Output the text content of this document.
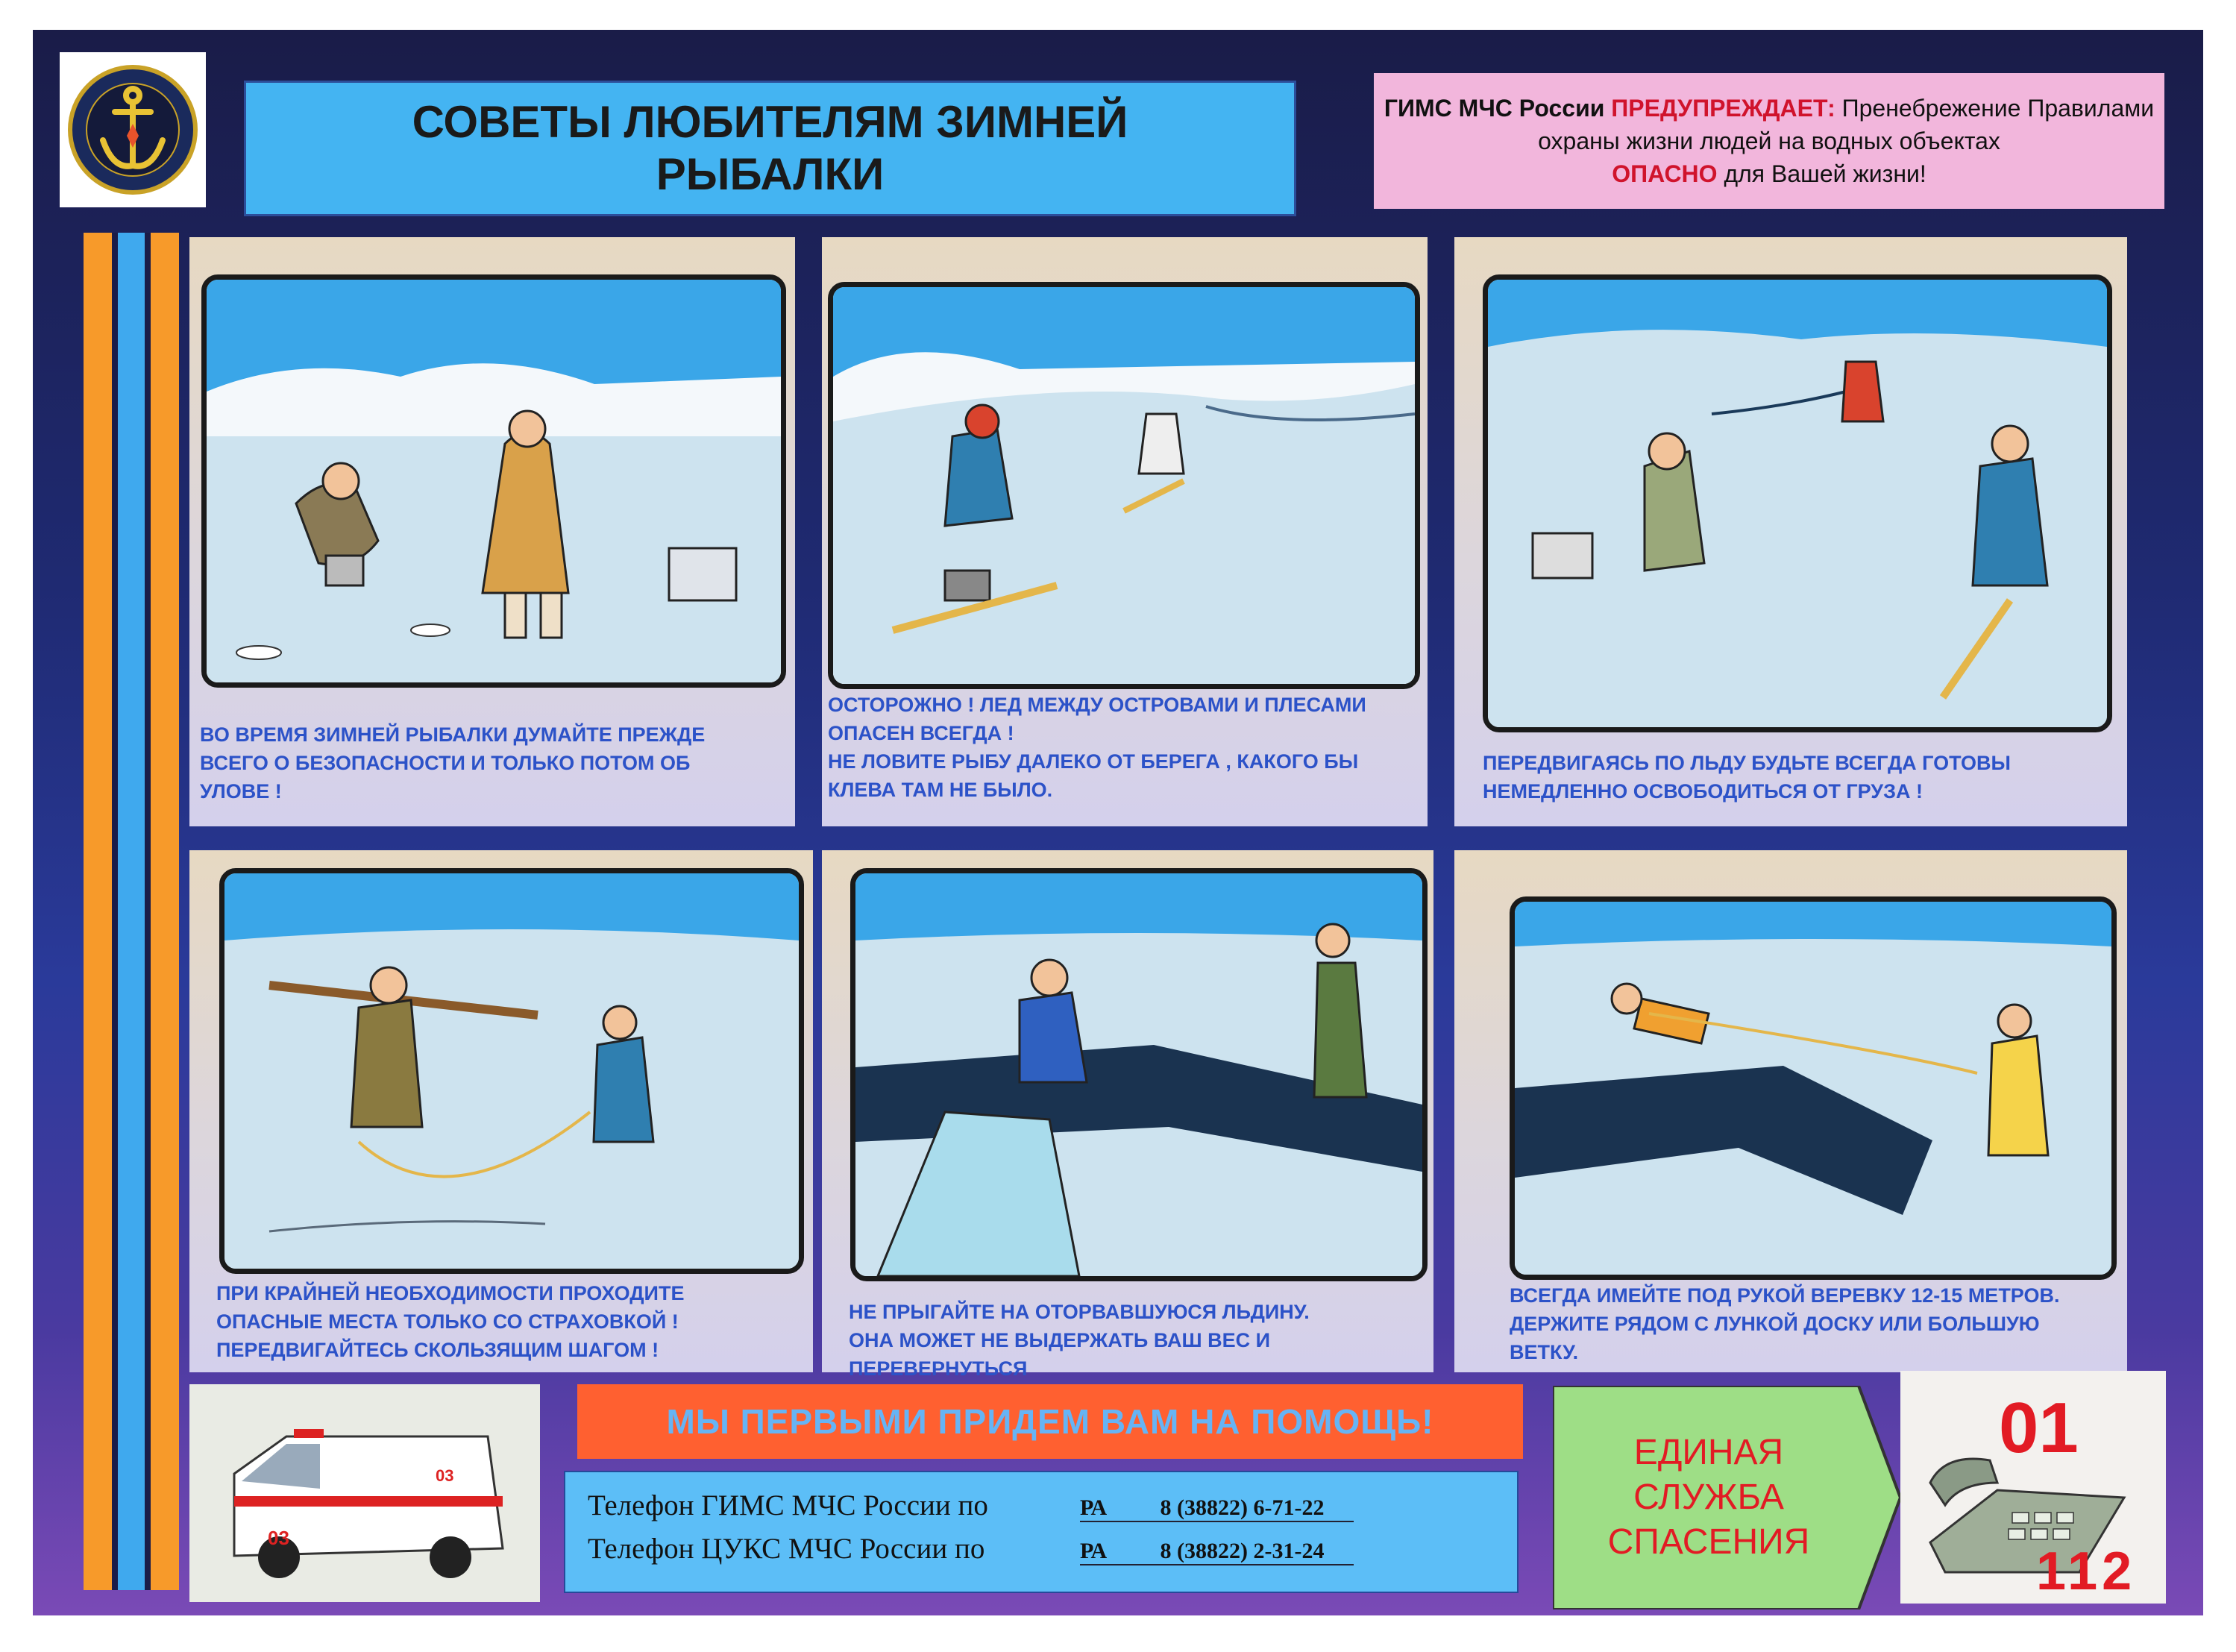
СОВЕТЫ ЛЮБИТЕЛЯМ ЗИМНЕЙ
РЫБАЛКИ
ГИМС МЧС России ПРЕДУПРЕЖДАЕТ: Пренебрежение Правилами охраны жизни людей на водных объектах
ОПАСНО для Вашей жизни!
ВО ВРЕМЯ ЗИМНЕЙ РЫБАЛКИ ДУМАЙТЕ ПРЕЖДЕ
ВСЕГО О БЕЗОПАСНОСТИ И ТОЛЬКО ПОТОМ ОБ
УЛОВЕ !
ОСТОРОЖНО ! ЛЕД МЕЖДУ ОСТРОВАМИ И ПЛЕСАМИ
ОПАСЕН ВСЕГДА !
НЕ ЛОВИТЕ РЫБУ ДАЛЕКО ОТ БЕРЕГА , КАКОГО БЫ
КЛЕВА ТАМ НЕ БЫЛО.
ПЕРЕДВИГАЯСЬ ПО ЛЬДУ БУДЬТЕ ВСЕГДА ГОТОВЫ
НЕМЕДЛЕННО ОСВОБОДИТЬСЯ ОТ ГРУЗА !
ПРИ КРАЙНЕЙ НЕОБХОДИМОСТИ ПРОХОДИТЕ
ОПАСНЫЕ МЕСТА ТОЛЬКО СО СТРАХОВКОЙ !
ПЕРЕДВИГАЙТЕСЬ СКОЛЬЗЯЩИМ ШАГОМ !
НЕ ПРЫГАЙТЕ НА ОТОРВАВШУЮСЯ ЛЬДИНУ.
ОНА МОЖЕТ НЕ ВЫДЕРЖАТЬ ВАШ ВЕС И ПЕРЕВЕРНУТЬСЯ
ВСЕГДА ИМЕЙТЕ ПОД РУКОЙ ВЕРЕВКУ 12-15 МЕТРОВ.
ДЕРЖИТЕ РЯДОМ С ЛУНКОЙ ДОСКУ ИЛИ БОЛЬШУЮ
ВЕТКУ.
03
03
МЫ ПЕРВЫМИ ПРИДЕМ ВАМ НА ПОМОЩЬ!
Телефон ГИМС МЧС России по	РА 8 (38822) 6-71-22
Телефон ЦУКС МЧС России по	РА 8 (38822) 2-31-24
ЕДИНАЯ
СЛУЖБА
СПАСЕНИЯ
01
112
